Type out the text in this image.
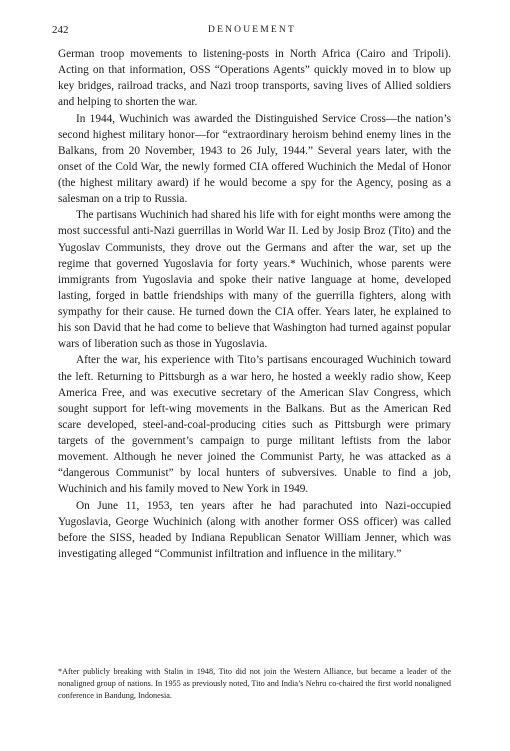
242	DENOUEMENT

German troop movements to listening-posts in North Africa (Cairo and Tripoli). Acting on that information, OSS “Operations Agents” quickly moved in to blow up key bridges, railroad tracks, and Nazi troop transports, saving lives of Allied soldiers and helping to shorten the war.

In 1944, Wuchinich was awarded the Distinguished Service Cross—the nation’s second highest military honor—for “extraordinary heroism behind enemy lines in the Balkans, from 20 November, 1943 to 26 July, 1944.” Several years later, with the onset of the Cold War, the newly formed CIA offered Wuchinich the Medal of Honor (the highest military award) if he would become a spy for the Agency, posing as a salesman on a trip to Russia.

The partisans Wuchinich had shared his life with for eight months were among the most successful anti-Nazi guerrillas in World War II. Led by Josip Broz (Tito) and the Yugoslav Communists, they drove out the Germans and after the war, set up the regime that governed Yugoslavia for forty years.* Wuchinich, whose parents were immigrants from Yugoslavia and spoke their native language at home, developed lasting, forged in battle friendships with many of the guerrilla fighters, along with sympathy for their cause. He turned down the CIA offer. Years later, he explained to his son David that he had come to believe that Washington had turned against popular wars of liberation such as those in Yugoslavia.

After the war, his experience with Tito’s partisans encouraged Wuchinich toward the left. Returning to Pittsburgh as a war hero, he hosted a weekly radio show, Keep America Free, and was executive secretary of the American Slav Congress, which sought support for left-wing movements in the Balkans. But as the American Red scare developed, steel-and-coal-producing cities such as Pittsburgh were primary targets of the government’s campaign to purge militant leftists from the labor movement. Although he never joined the Communist Party, he was attacked as a “dangerous Communist” by local hunters of subversives. Unable to find a job, Wuchinich and his family moved to New York in 1949.

On June 11, 1953, ten years after he had parachuted into Nazi-occupied Yugoslavia, George Wuchinich (along with another former OSS officer) was called before the SISS, headed by Indiana Republican Senator William Jenner, which was investigating alleged “Communist infiltration and influence in the military.”

*After publicly breaking with Stalin in 1948, Tito did not join the Western Alliance, but became a leader of the nonaligned group of nations. In 1955 as previously noted, Tito and India’s Nehru co-chaired the first world nonaligned conference in Bandung, Indonesia.
